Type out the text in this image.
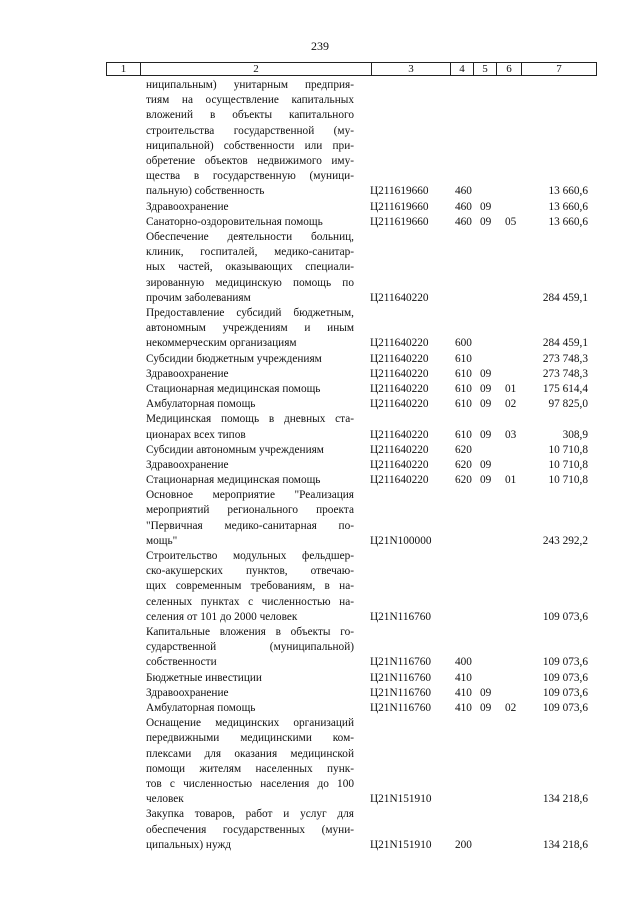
239
1	2	3	4	5	6	7
ниципальным) унитарным предприя-
тиям на осуществление капитальных
вложений в объекты капитального
строительства государственной (му-
ниципальной) собственности или при-
обретение объектов недвижимого иму-
щества в государственную (муници-
пальную) собственность	Ц211619660 460	13 660,6
Здравоохранение	Ц211619660 460 09	13 660,6
Санаторно-оздоровительная помощь	Ц211619660 460 09 05	13 660,6
Обеспечение деятельности больниц,
клиник, госпиталей, медико-санитар-
ных частей, оказывающих специали-
зированную медицинскую помощь по
прочим заболеваниям	Ц211640220	284 459,1
Предоставление субсидий бюджетным,
автономным учреждениям и иным
некоммерческим организациям	Ц211640220 600	284 459,1
Субсидии бюджетным учреждениям	Ц211640220 610	273 748,3
Здравоохранение	Ц211640220 610 09	273 748,3
Стационарная медицинская помощь	Ц211640220 610 09 01	175 614,4
Амбулаторная помощь	Ц211640220 610 09 02	97 825,0
Медицинская помощь в дневных ста-
ционарах всех типов	Ц211640220 610 09 03	308,9
Субсидии автономным учреждениям	Ц211640220 620	10 710,8
Здравоохранение	Ц211640220 620 09	10 710,8
Стационарная медицинская помощь	Ц211640220 620 09 01	10 710,8
Основное мероприятие "Реализация
мероприятий регионального проекта
"Первичная медико-санитарная по-
мощь"	Ц21N100000	243 292,2
Строительство модульных фельдшер-
ско-акушерских пунктов, отвечаю-
щих современным требованиям, в на-
селенных пунктах с численностью на-
селения от 101 до 2000 человек	Ц21N116760	109 073,6
Капитальные вложения в объекты го-
сударственной (муниципальной)
собственности	Ц21N116760 400	109 073,6
Бюджетные инвестиции	Ц21N116760 410	109 073,6
Здравоохранение	Ц21N116760 410 09	109 073,6
Амбулаторная помощь	Ц21N116760 410 09 02	109 073,6
Оснащение медицинских организаций
передвижными медицинскими ком-
плексами для оказания медицинской
помощи жителям населенных пунк-
тов с численностью населения до 100
человек	Ц21N151910	134 218,6
Закупка товаров, работ и услуг для
обеспечения государственных (муни-
ципальных) нужд	Ц21N151910 200	134 218,6
